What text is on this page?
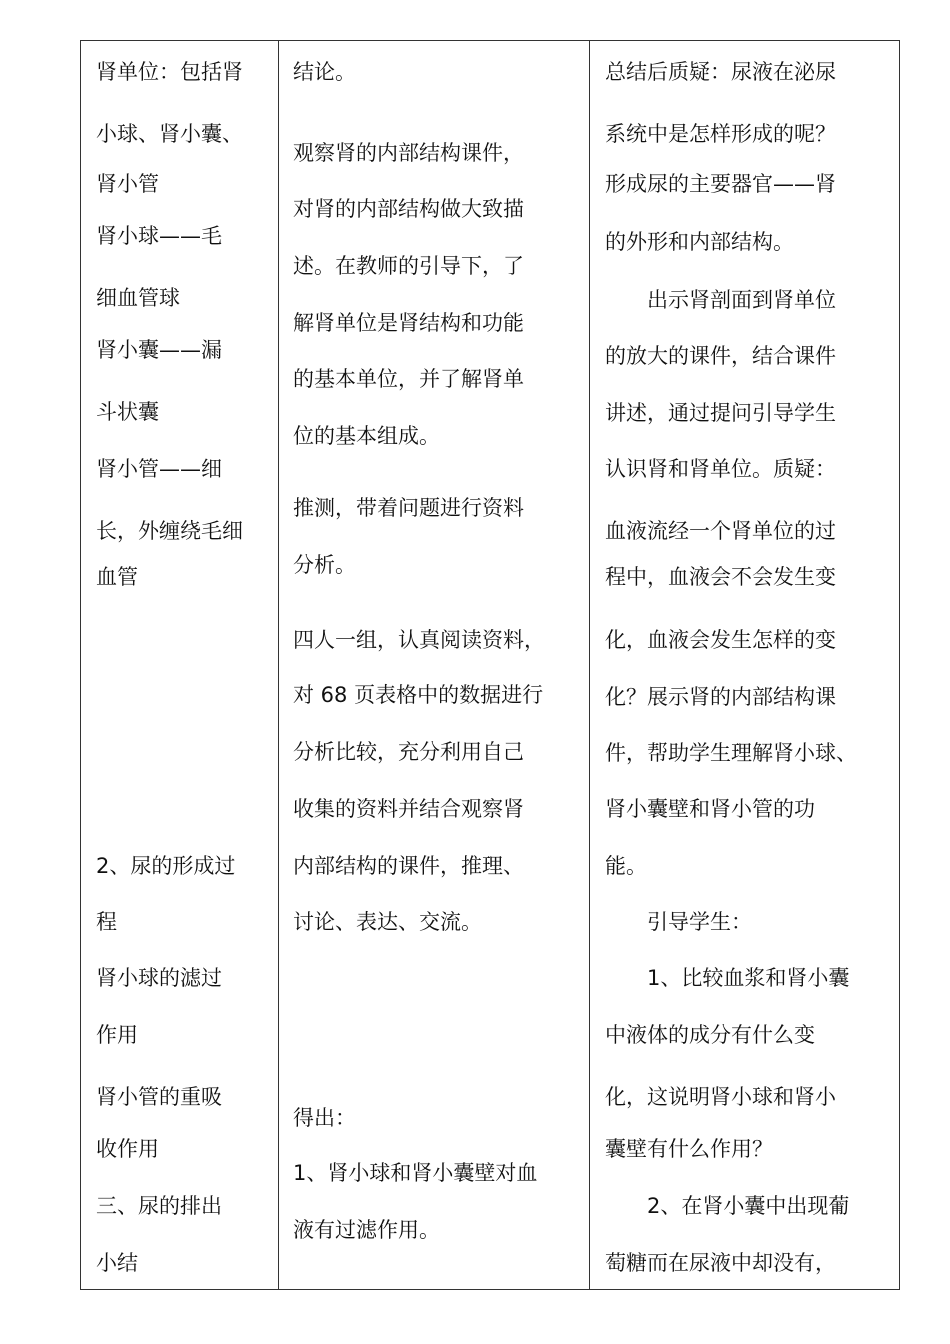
肾单位：包括肾
小球、肾小囊、
肾小管
肾小球——毛
细血管球
肾小囊——漏
斗状囊
肾小管——细
长，外缠绕毛细
血管
2、尿的形成过
程
肾小球的滤过
作用
肾小管的重吸
收作用
三、尿的排出
小结
结论。
观察肾的内部结构课件，
对肾的内部结构做大致描
述。在教师的引导下，了
解肾单位是肾结构和功能
的基本单位，并了解肾单
位的基本组成。
推测，带着问题进行资料
分析。
四人一组，认真阅读资料，
对 68 页表格中的数据进行
分析比较，充分利用自己
收集的资料并结合观察肾
内部结构的课件，推理、
讨论、表达、交流。
得出：
1、肾小球和肾小囊壁对血
液有过滤作用。
总结后质疑：尿液在泌尿
系统中是怎样形成的呢？
形成尿的主要器官——肾
的外形和内部结构。
出示肾剖面到肾单位
的放大的课件，结合课件
讲述，通过提问引导学生
认识肾和肾单位。质疑：
血液流经一个肾单位的过
程中，血液会不会发生变
化，血液会发生怎样的变
化？展示肾的内部结构课
件，帮助学生理解肾小球、
肾小囊壁和肾小管的功
能。
引导学生：
1、比较血浆和肾小囊
中液体的成分有什么变
化，这说明肾小球和肾小
囊壁有什么作用？
2、在肾小囊中出现葡
萄糖而在尿液中却没有，
